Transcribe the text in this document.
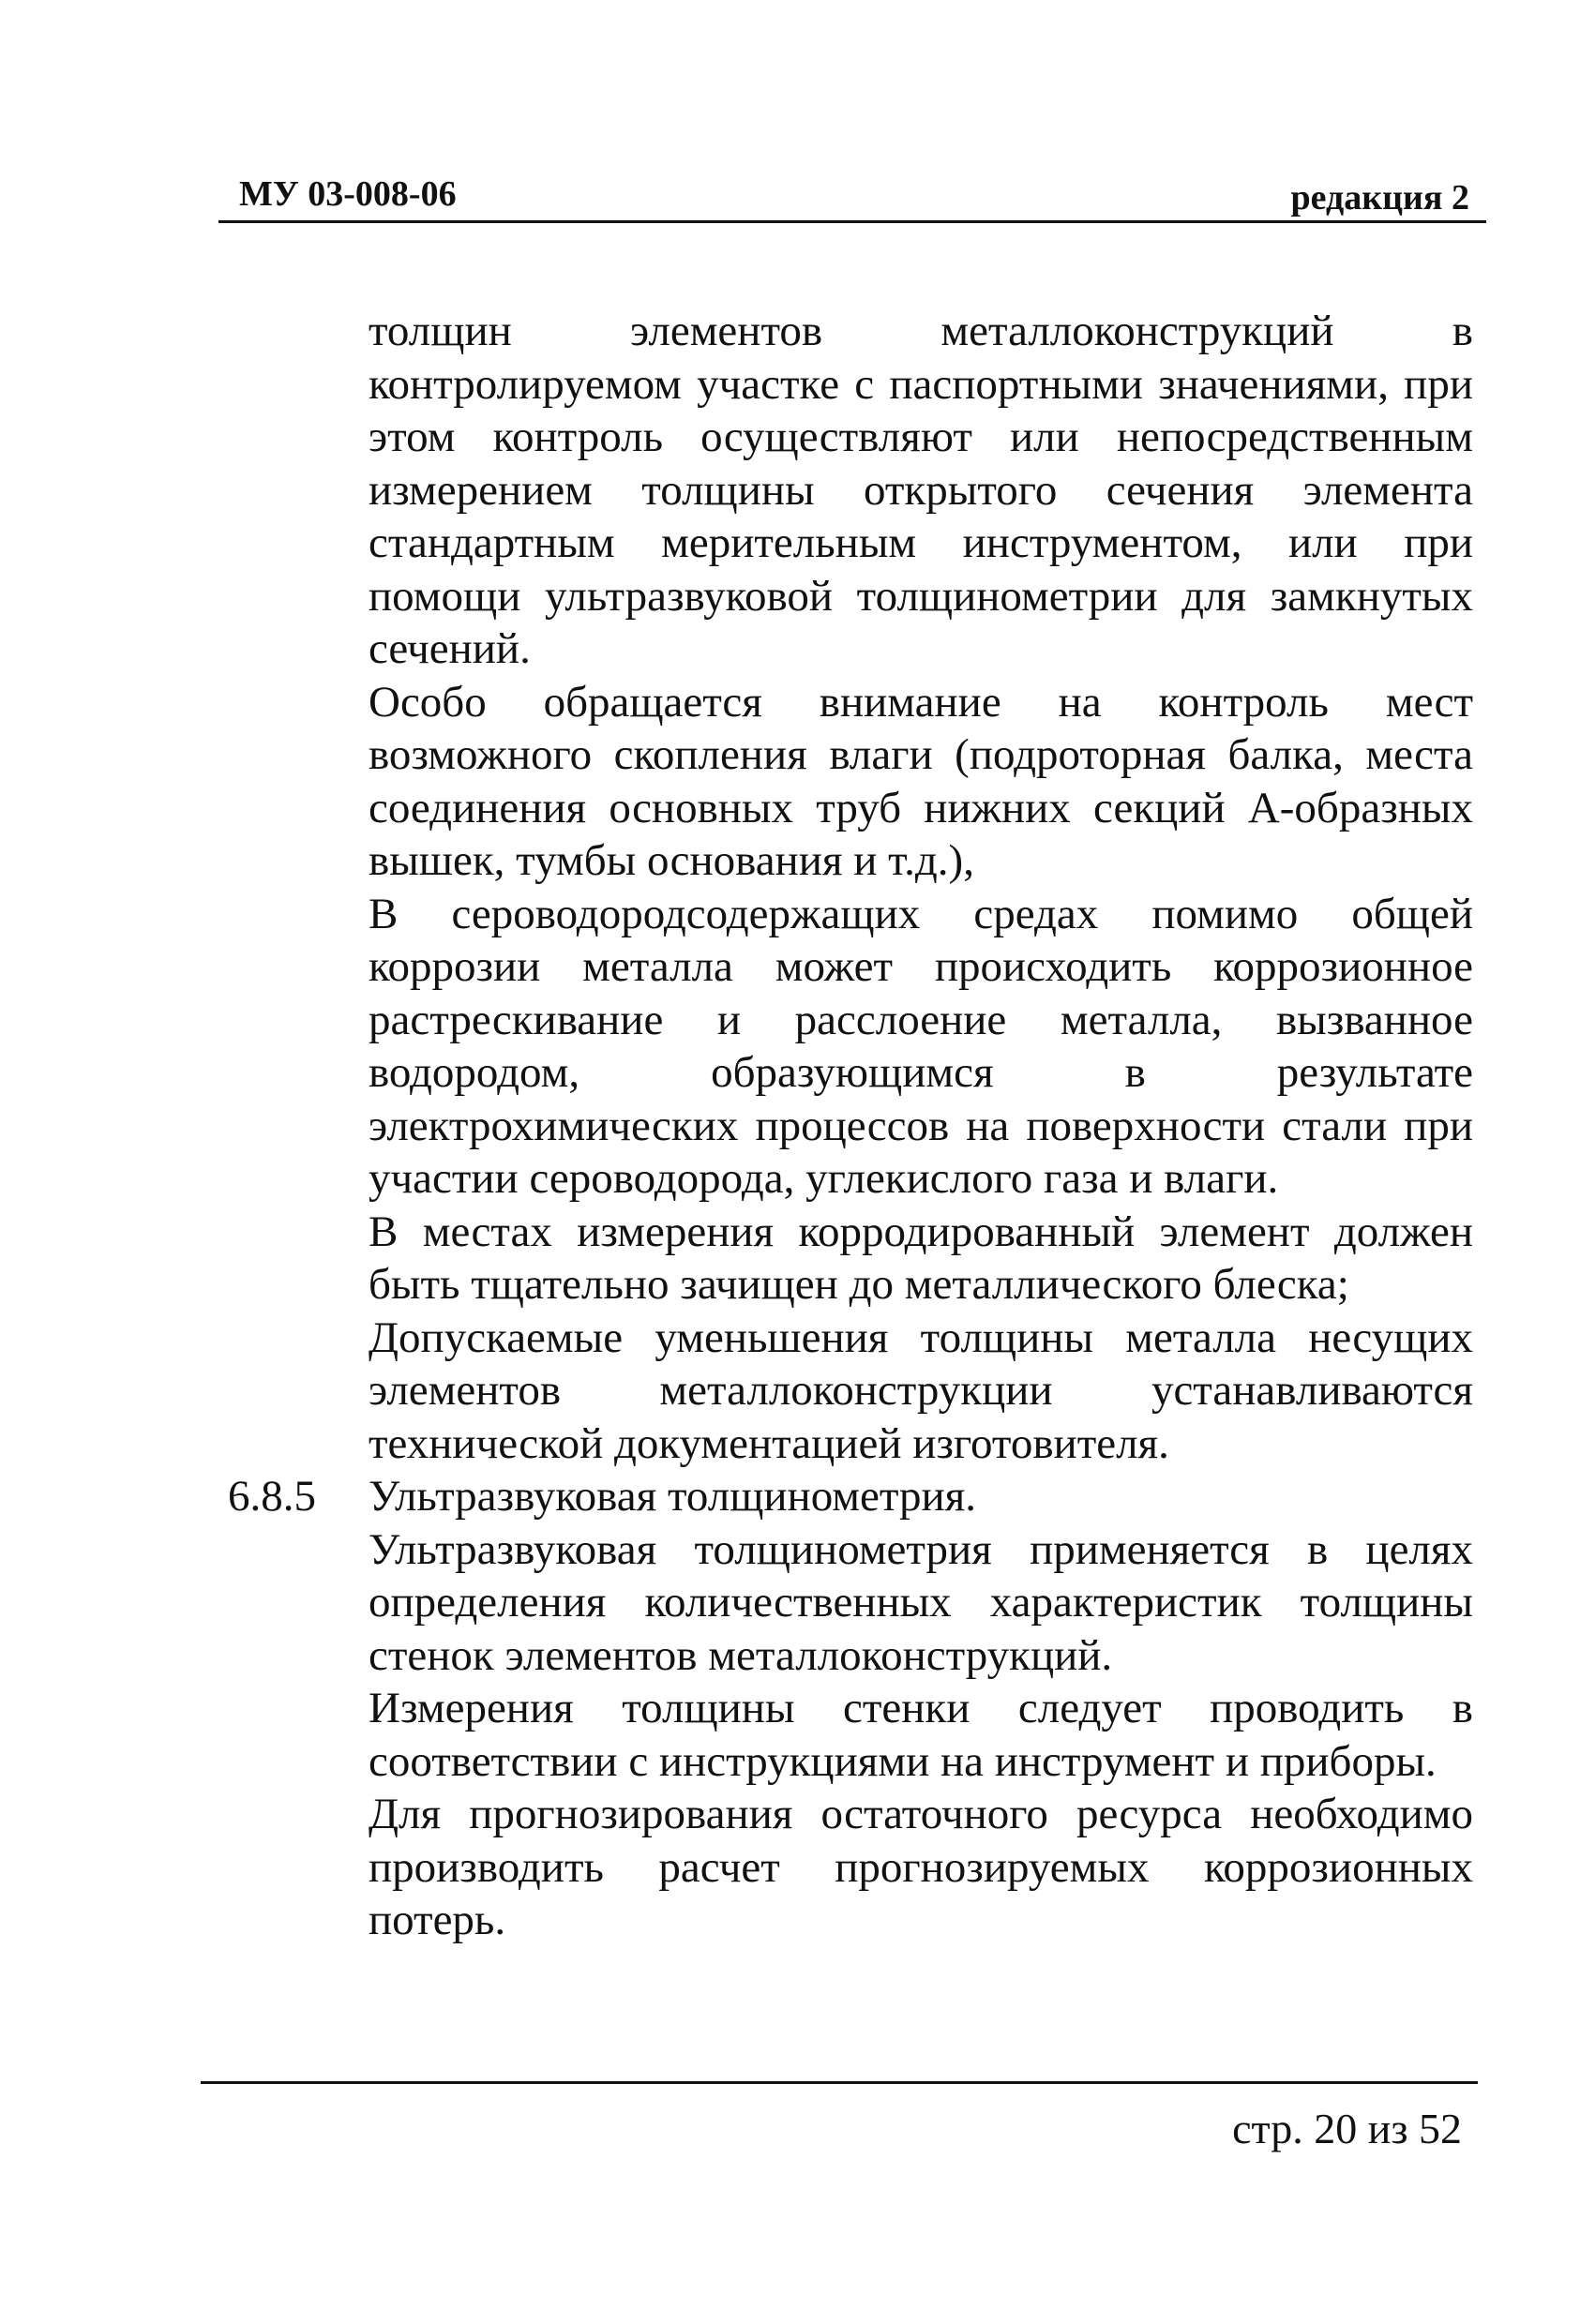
МУ 03-008-06	редакция 2

толщин элементов металлоконструкций в контролируемом участке с паспортными значениями, при этом контроль осуществляют или непосредственным измерением толщины открытого сечения элемента стандартным мерительным инструментом, или при помощи ультразвуковой толщинометрии для замкнутых сечений.

Особо обращается внимание на контроль мест возможного скопления влаги (подроторная балка, места соединения основных труб нижних секций А-образных вышек, тумбы основания и т.д.),

В сероводородсодержащих средах помимо общей коррозии металла может происходить коррозионное растрескивание и расслоение металла, вызванное водородом, образующимся в результате электрохимических процессов на поверхности стали при участии сероводорода, углекислого газа и влаги.

В местах измерения корродированный элемент должен быть тщательно зачищен до металлического блеска;

Допускаемые уменьшения толщины металла несущих элементов металлоконструкции устанавливаются технической документацией изготовителя.

6.8.5 Ультразвуковая толщинометрия.

Ультразвуковая толщинометрия применяется в целях определения количественных характеристик толщины стенок элементов металлоконструкций.

Измерения толщины стенки следует проводить в соответствии с инструкциями на инструмент и приборы.

Для прогнозирования остаточного ресурса необходимо производить расчет прогнозируемых коррозионных потерь.

стр. 20 из 52
